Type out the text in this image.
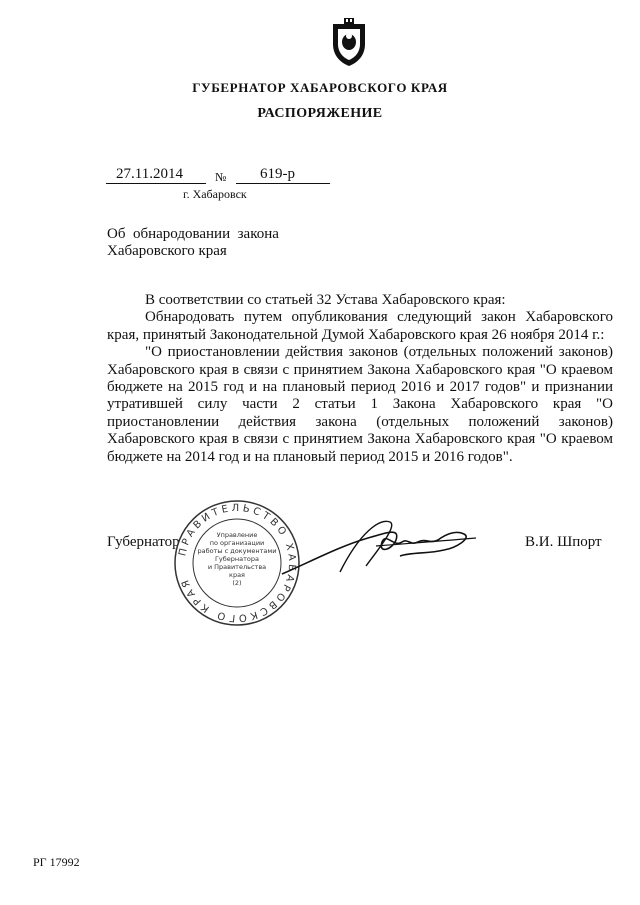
ГУБЕРНАТОР ХАБАРОВСКОГО КРАЯ
РАСПОРЯЖЕНИЕ
27.11.2014	№ 619-р
г. Хабаровск
Об  обнародовании  закона
Хабаровского края

В соответствии со статьей 32 Устава Хабаровского края:

Обнародовать путем опубликования следующий закон Хабаровского края, принятый Законодательной Думой Хабаровского края 26 ноября 2014 г.:

"О приостановлении действия законов (отдельных положений законов) Хабаровского края в связи с принятием Закона Хабаровского края "О краевом бюджете на 2015 год и на плановый период 2016 и 2017 годов" и признании утратившей силу части 2 статьи 1 Закона Хабаровского края "О приостановлении действия закона (отдельных положений законов) Хабаровского края в связи с принятием Закона Хабаровского края "О краевом бюджете на 2014 год и на плановый период 2015 и 2016 годов".

Губернатор	В.И. Шпорт
ПРАВИТЕЛЬСТВО ХАБАРОВСКОГО КРАЯ
Управление
по организации
работы с документами
Губернатора
и Правительства
края
(2)
РГ 17992
